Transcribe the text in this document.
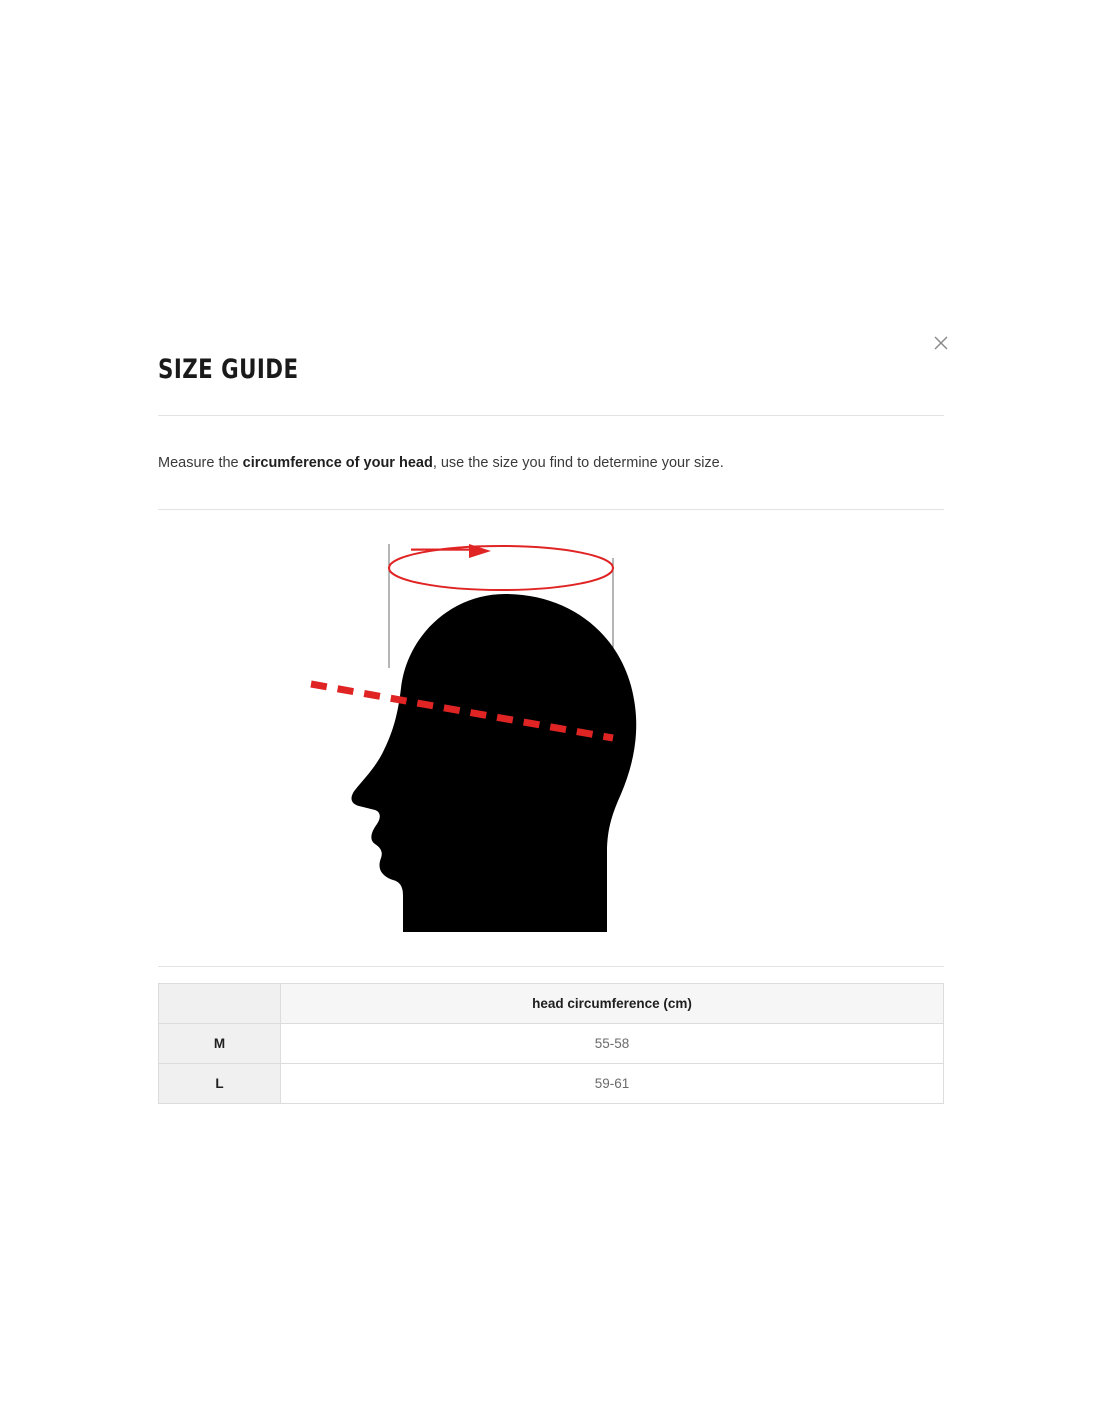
SIZE GUIDE

Measure the circumference of your head, use the size you find to determine your size.

	head circumference (cm)
M	55-58
L	59-61
